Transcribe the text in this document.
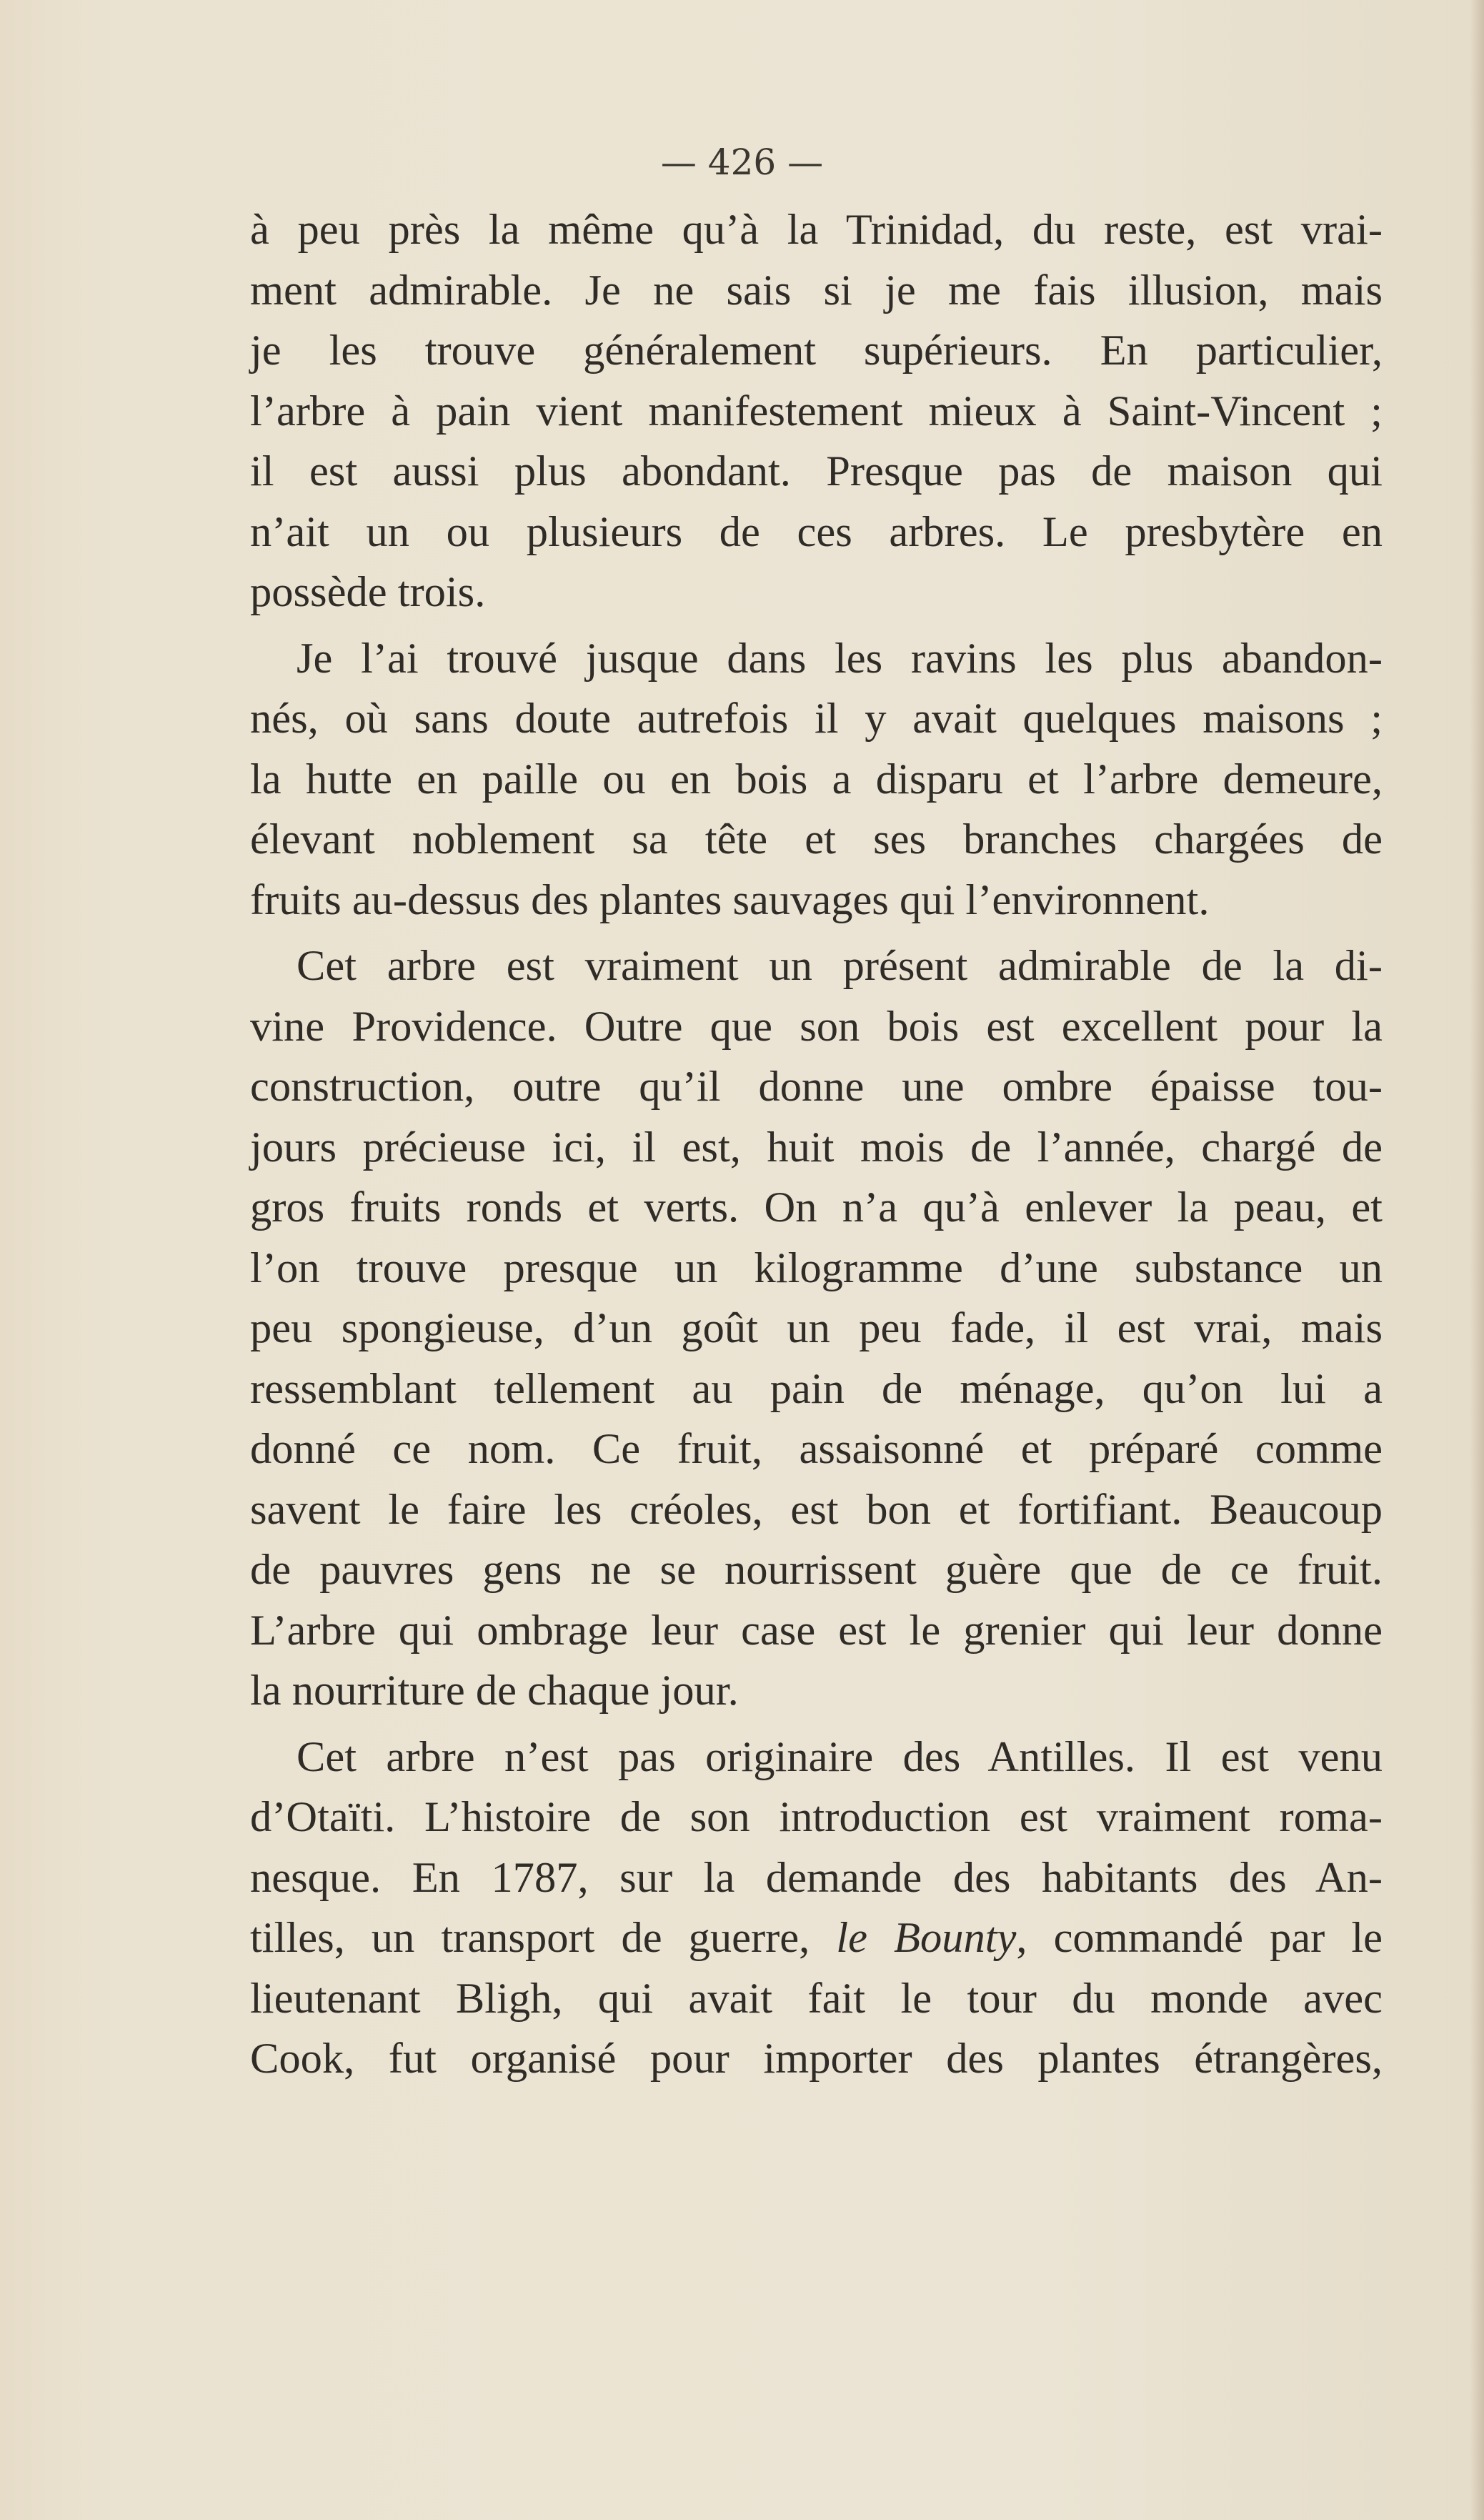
— 426 —
à peu près la même qu’à la Trinidad, du reste, est vrai-
ment admirable. Je ne sais si je me fais illusion, mais
je les trouve généralement supérieurs. En particulier,
l’arbre à pain vient manifestement mieux à Saint-Vincent ;
il est aussi plus abondant. Presque pas de maison qui
n’ait un ou plusieurs de ces arbres. Le presbytère en
possède trois.
Je l’ai trouvé jusque dans les ravins les plus abandon-
nés, où sans doute autrefois il y avait quelques maisons ;
la hutte en paille ou en bois a disparu et l’arbre demeure,
élevant noblement sa tête et ses branches chargées de
fruits au-dessus des plantes sauvages qui l’environnent.
Cet arbre est vraiment un présent admirable de la di-
vine Providence. Outre que son bois est excellent pour la
construction, outre qu’il donne une ombre épaisse tou-
jours précieuse ici, il est, huit mois de l’année, chargé de
gros fruits ronds et verts. On n’a qu’à enlever la peau, et
l’on trouve presque un kilogramme d’une substance un
peu spongieuse, d’un goût un peu fade, il est vrai, mais
ressemblant tellement au pain de ménage, qu’on lui a
donné ce nom. Ce fruit, assaisonné et préparé comme
savent le faire les créoles, est bon et fortifiant. Beaucoup
de pauvres gens ne se nourrissent guère que de ce fruit.
L’arbre qui ombrage leur case est le grenier qui leur donne
la nourriture de chaque jour.
Cet arbre n’est pas originaire des Antilles. Il est venu
d’Otaïti. L’histoire de son introduction est vraiment roma-
nesque. En 1787, sur la demande des habitants des An-
tilles, un transport de guerre, le Bounty, commandé par le
lieutenant Bligh, qui avait fait le tour du monde avec
Cook, fut organisé pour importer des plantes étrangères,
